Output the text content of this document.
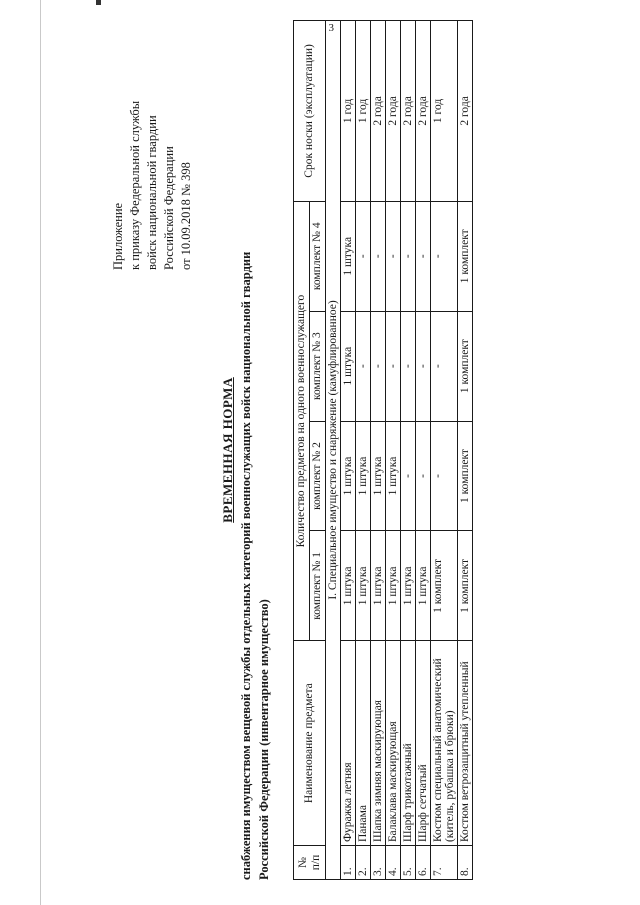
3
Приложение к приказу Федеральной службы войск национальной гвардии Российской Федерации от 10.09.2018 № 398
ВРЕМЕННАЯ НОРМА снабжения имуществом вещевой службы отдельных категорий военнослужащих войск национальной гвардии Российской Федерации (инвентарное имущество) №
п/п	Наименование предмета	Количество предметов на одного военнослужащего				Срок носки (эксплуатации)
		комплект № 1	комплект № 2	комплект № 3	комплект № 4	
I. Специальное имущество и снаряжение (камуфлированное)						
1.	Фуражка летняя	1 штука	1 штука	1 штука	1 штука	1 год
2.	Панама	1 штука	1 штука	-	-	1 год
3.	Шапка зимняя маскирующая	1 штука	1 штука	-	-	2 года
4.	Балаклава маскирующая	1 штука	1 штука	-	-	2 года
5.	Шарф трикотажный	1 штука	-	-	-	2 года
6.	Шарф сетчатый	1 штука	-	-	-	2 года
7.	Костюм специальный анатомический (китель, рубашка и брюки)	1 комплект	-	-	-	1 год
8.	Костюм ветрозащитный утепленный	1 комплект	1 комплект	1 комплект	1 комплект	2 года
